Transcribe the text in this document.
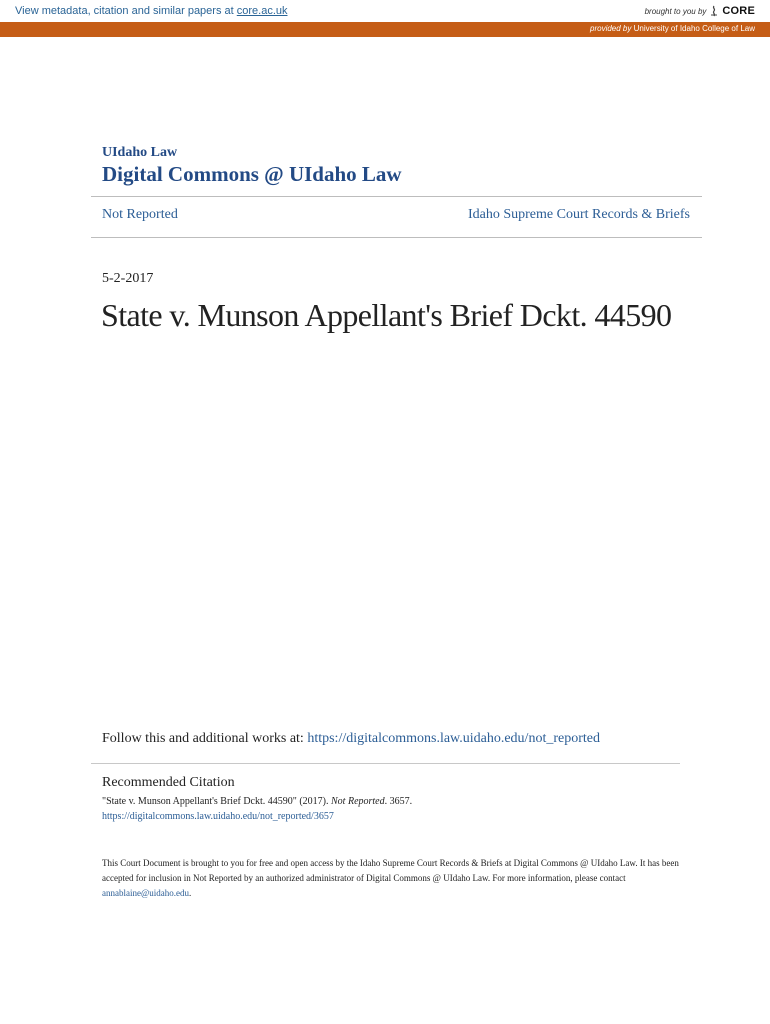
View metadata, citation and similar papers at core.ac.uk	brought to you by CORE
provided by University of Idaho College of Law
UIdaho Law
Digital Commons @ UIdaho Law
Not Reported	Idaho Supreme Court Records & Briefs
5-2-2017
State v. Munson Appellant's Brief Dckt. 44590
Follow this and additional works at: https://digitalcommons.law.uidaho.edu/not_reported
Recommended Citation
"State v. Munson Appellant's Brief Dckt. 44590" (2017). Not Reported. 3657.
https://digitalcommons.law.uidaho.edu/not_reported/3657
This Court Document is brought to you for free and open access by the Idaho Supreme Court Records & Briefs at Digital Commons @ UIdaho Law. It has been accepted for inclusion in Not Reported by an authorized administrator of Digital Commons @ UIdaho Law. For more information, please contact annablaine@uidaho.edu.
